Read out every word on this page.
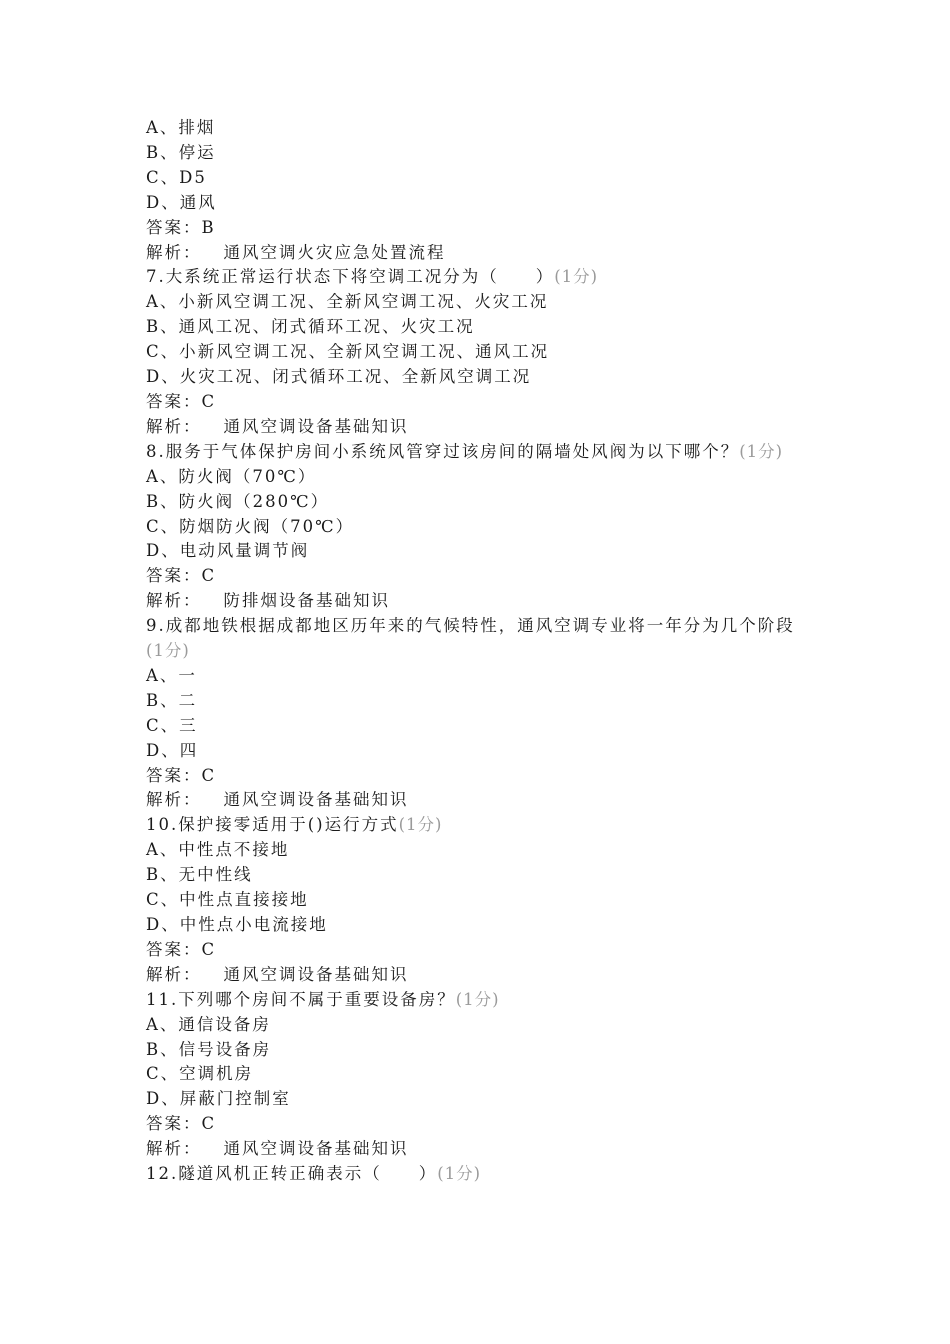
A、排烟
B、停运
C、D5
D、通风
答案：B
解析： 通风空调火灾应急处置流程
7.大系统正常运行状态下将空调工况分为（　　）(1分)
A、小新风空调工况、全新风空调工况、火灾工况
B、通风工况、闭式循环工况、火灾工况
C、小新风空调工况、全新风空调工况、通风工况
D、火灾工况、闭式循环工况、全新风空调工况
答案：C
解析： 通风空调设备基础知识
8.服务于气体保护房间小系统风管穿过该房间的隔墙处风阀为以下哪个？(1分)
A、防火阀（70℃）
B、防火阀（280℃）
C、防烟防火阀（70℃）
D、电动风量调节阀
答案：C
解析： 防排烟设备基础知识
9.成都地铁根据成都地区历年来的气候特性，通风空调专业将一年分为几个阶段(1分)
A、一
B、二
C、三
D、四
答案：C
解析： 通风空调设备基础知识
10.保护接零适用于()运行方式(1分)
A、中性点不接地
B、无中性线
C、中性点直接接地
D、中性点小电流接地
答案：C
解析： 通风空调设备基础知识
11.下列哪个房间不属于重要设备房？(1分)
A、通信设备房
B、信号设备房
C、空调机房
D、屏蔽门控制室
答案：C
解析： 通风空调设备基础知识
12.隧道风机正转正确表示（　　）(1分)
